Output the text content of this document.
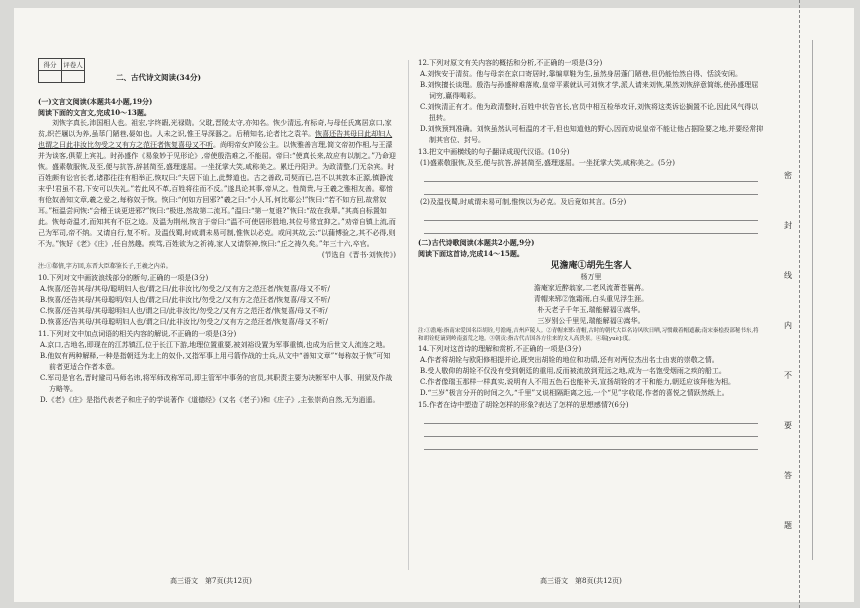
得分	评卷人

二、古代诗文阅读(34分)

(一)文言文阅读(本题共4小题,19分)

阅读下面的文言文,完成10～13题。

刘恢字真长,沛国相人也。祖宏,字终嘏,光禄勋。父耽,晋陵太守,亦知名。恢少清远,有标奇,与母任氏寓居京口,家贫,织芒屩以为养,虽荜门陋巷,晏如也。人未之识,惟王导深器之。后稍知名,论者比之袁羊。恢喜还告其母曰此却妇人也谓之曰此非汝比勿受之又有方之范汪者恢复喜母又不听。尚明帝女庐陵公主。以恢雅善言理,简文帝初作相,与王濛并为谈客,俱蒙上宾礼。时孙盛作《易象妙于见形论》,帝使殷浩难之,不能屈。帝曰:“使真长来,故应有以制之。”乃命迎恢。盛素敬服恢,及至,便与抗答,辞甚简至,盛理遂屈。一坐抚掌大笑,咸称美之。累迁丹阳尹。为政清整,门无杂宾。时百姓颇有讼官长者,诸郡往往有相举正,恢叹曰:“夫居下讪上,此弊道也。古之善政,司契而已,岂不以其敦本正源,镇静流末乎!君虽不君,下安可以失礼。”若此风不革,百姓将往而不反。”遂具论其事,帝从之。性简贵,与王羲之雅相友善。郗愔有伧奴善知文章,羲之爱之,每称奴于恢。恢曰:“何如方回邪?”羲之曰:“小人耳,何比郗公!”恢曰:“若不如方回,故常奴耳。”桓温尝问恢:“会稽王谈更进邪?”恢曰:“极进,然故第二流耳。”温曰:“第一复谁?”恢曰:“故在我辈。”其高自标置如此。恢每奇温才,而知其有不臣之迹。及温为荆州,恢言于帝曰:“温不可使居形胜地,其位号常宜抑之。”劝帝自镇上流,而己为军司,帝不纳。又请自行,复不听。及温伐蜀,时咸谓未易可制,惟恢以必克。或问其故,云:“以蒱博验之,其不必得,则不为。”恢好《老》《庄》,任自然趣。疾笃,百姓欲为之祈祷,家人又请祭神,恢曰:“丘之祷久矣。”年三十六,卒官。

(节选自《晋书·刘恢传》)

注:①郗愔,字方回,东晋大臣郗鉴长子,王羲之内弟。

10.下列对文中画波浪线部分的断句,正确的一项是(3分)

A.恢喜/还告其母/其母/聪明妇人也/谓之曰/此非汝比/勿受之/又有方之范汪者/恢复喜/母又不听/

B.恢喜/还告其母/其母聪明/妇人也/谓之曰/此非汝比/勿受之/又有方之范汪者/恢复喜/母又不听/

C.恢喜/还告其母/其母聪明妇人也/谓之曰/此非汝比/勿受之/又有方之范汪者/恢复喜/母又不听/

D.恢喜还/告其母/其母聪明妇人也/谓之曰/此非汝比/勿受之/又有方之范汪者/恢复喜/母又不听/

11.下列对文中加点词语的相关内容的解说,不正确的一项是(3分)

A.京口,古地名,即现在的江苏镇江,位于长江下游,地理位置重要,被刘裕设置为军事重镇,也成为后世文人流连之地。

B.他奴有两种解释,一种是指朝廷为北上的奴仆,又指军事上用弓箭作战的士兵,从文中“善知文章”“每称奴于恢”可知前者更适合作者本意。

C.军司是官名,晋时避司马师名讳,将军师改称军司,即主管军中事务的官员,其职责主要为决断军中人事、刑狱及作战方略等。

D.《老》《庄》是指代表老子和庄子的学说著作《道德经》(又名《老子》)和《庄子》,主张崇尚自然,无为逍遥。

高三语文　第7页(共12页)

12.下列对原文有关内容的概括和分析,不正确的一项是(3分)

A.刘恢安于清贫。他与母亲在京口寄居时,靠编草鞋为生,虽然身居蓬门陋巷,但仍能怡然自得、恬淡安闲。

B.刘恢擅长谈理。殷浩与孙盛辩难落败,皇帝平素就认可刘恢才学,派人请来刘恢,果然刘恢辞意简练,使孙盛理屈词穷,赢得喝彩。

C.刘恢清正有才。他为政清整时,百姓中状告官长,官员中相互检举攻讦,刘恢将这类诉讼搁置不论,因此风气得以扭转。

D.刘恢预判准确。刘恢虽然认可桓温的才干,但也知道他的野心,因而劝说皇帝不能让他占据险要之地,并要经常抑制其官位、封号。

13.把文中画横线的句子翻译成现代汉语。(10分)

(1)盛素敬服恢,及至,便与抗答,辞甚简至,盛理遂屈。一坐抚掌大笑,咸称美之。(5分)

(2)及温伐蜀,时咸谓未易可制,惟恢以为必克。及后竟如其言。(5分)

(二)古代诗歌阅读(本题共2小题,9分)

阅读下面这首诗,完成14～15题。

见澹庵①胡先生客人

杨万里

澹庵家近醉翁家,二老风流萧苍鬟苒。

青帽来郓②饱霜雨,白头重见浮生涯。

朴天老子千年玉,瑞能解福④嵩华。

三岁别公千里见,瑞能解福④嵩华。

注:①澹庵:指南宋爱国名臣胡铨,号澹庵,吉州庐陵人。②青帽来郓:青帽,古时的朝代大臣名诗风吹日晒,习惯戴着帽遮蔽;南宋秦桧投部秘书东,将和胡铨贬谪到岭南蛮荒之地。③朝贡:指古代吉国各方往来的文人高贵景。④瑞[yuè]:度。

14.下列对这首诗的理解和赏析,不正确的一项是(3分)

A.作者将胡铨与欧阳修相提并论,既突出胡铨的地位和功绩,还有对两位杰出名士由衷的崇敬之情。

B.受人敬仰的胡铨不仅没有受到朝廷的重用,反而被流放到荒远之地,成为一名饱受烟雨之疾的船工。

C.作者像瑞玉那样一样真实,说明有人不用五色石也能补天,宣扬胡铨的才干和能力,朝廷应该拜他为相。

D.“三岁”极言分开的时间之久,“千里”又说相隔距离之远,一个“见”字收尾,作者的喜悦之情跃然纸上。

15.作者在诗中塑造了胡铨怎样的形象?表达了怎样的思想感情?(6分)

高三语文　第8页(共12页)
密
封
线
内
不
要
答
题
